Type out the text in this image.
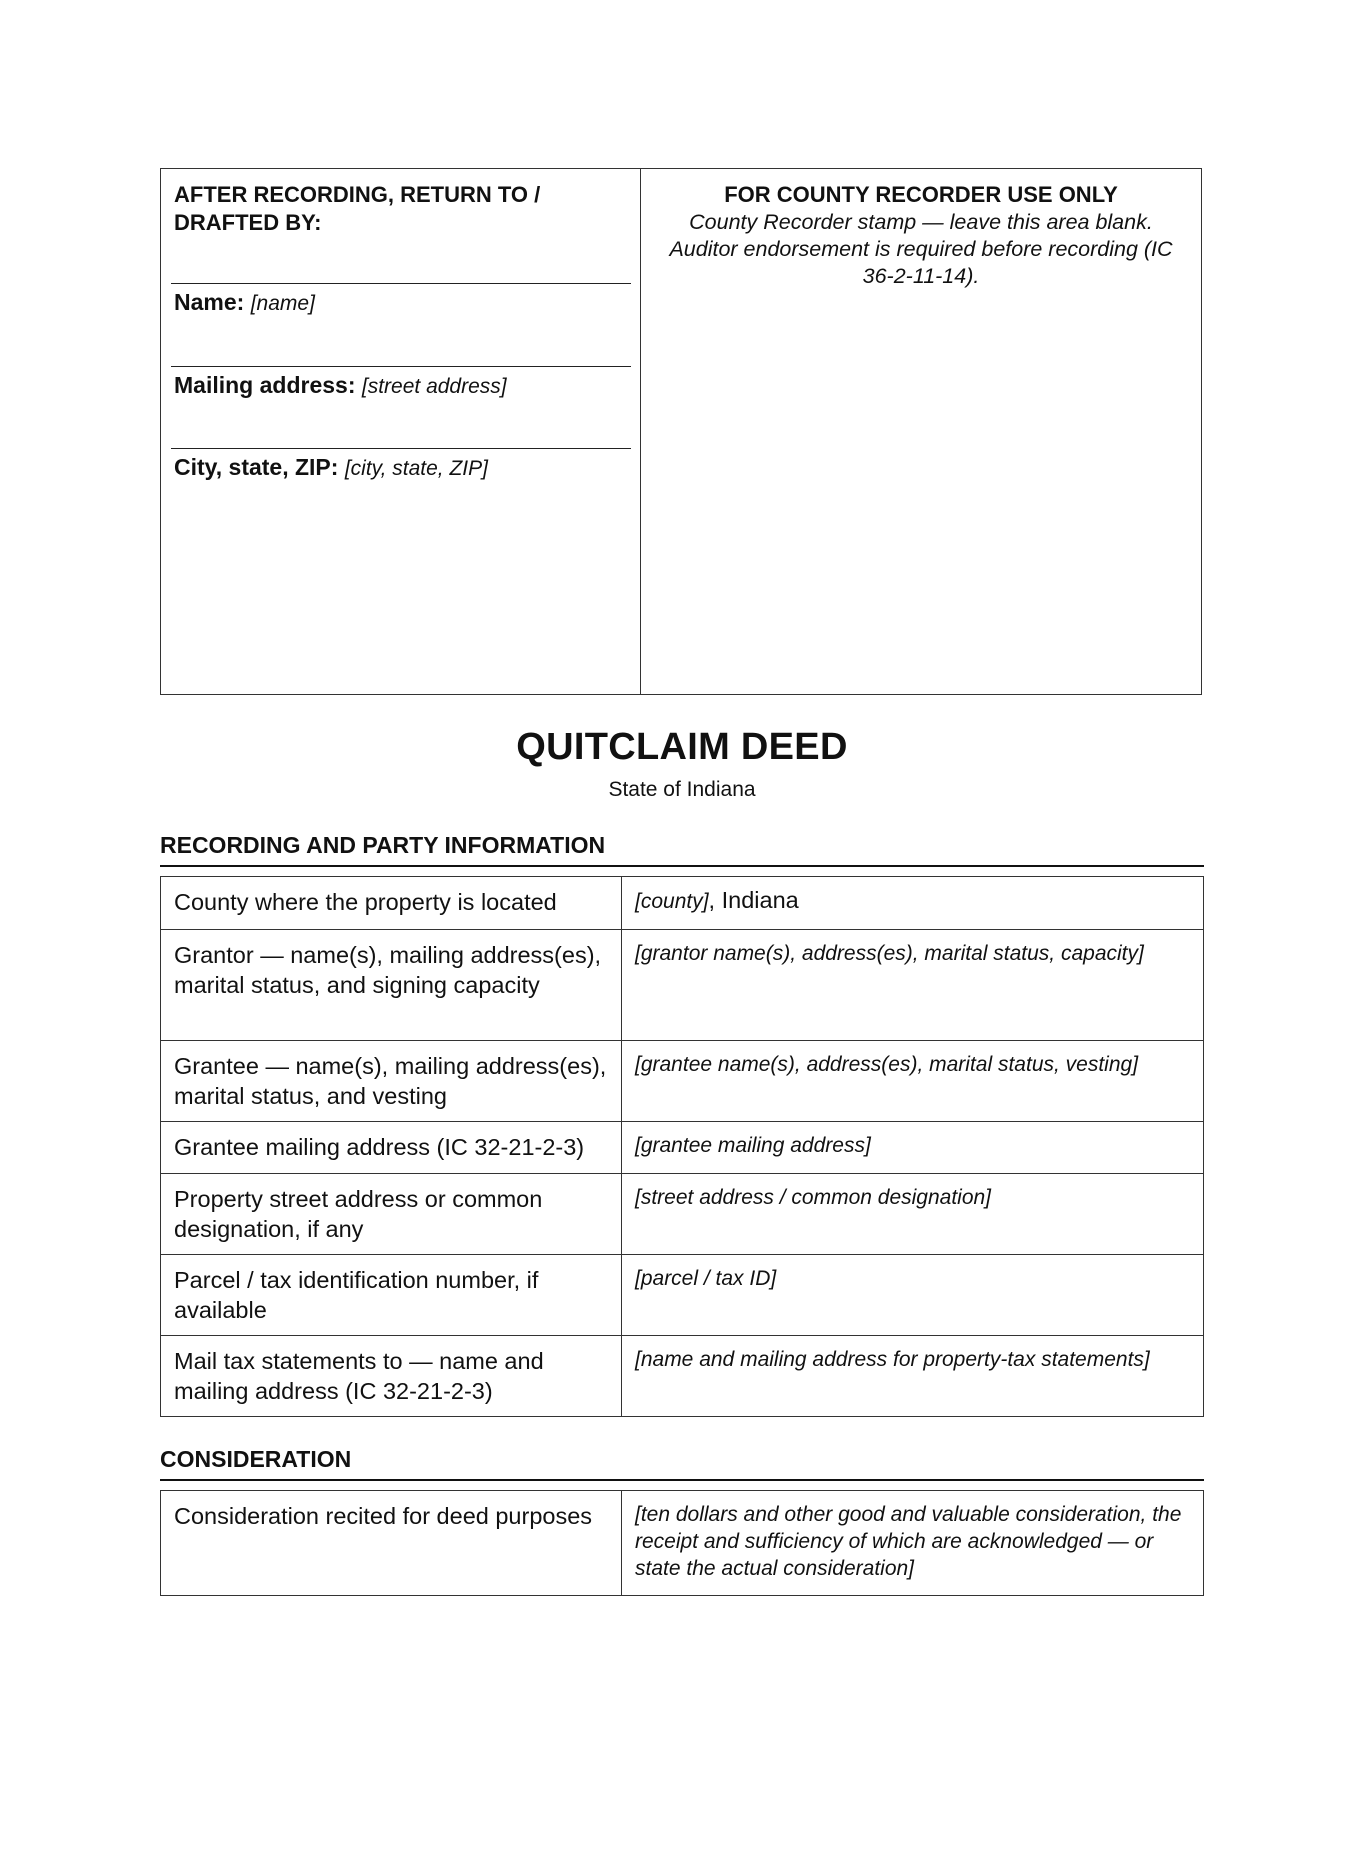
AFTER RECORDING, RETURN TO / DRAFTED BY:
Name: [name]
Mailing address: [street address]
City, state, ZIP: [city, state, ZIP]
FOR COUNTY RECORDER USE ONLY
County Recorder stamp — leave this area blank. Auditor endorsement is required before recording (IC 36-2-11-14).
QUITCLAIM DEED
State of Indiana
RECORDING AND PARTY INFORMATION
County where the property is located	[county], Indiana
Grantor — name(s), mailing address(es), marital status, and signing capacity	[grantor name(s), address(es), marital status, capacity]
Grantee — name(s), mailing address(es), marital status, and vesting	[grantee name(s), address(es), marital status, vesting]
Grantee mailing address (IC 32-21-2-3)	[grantee mailing address]
Property street address or common designation, if any	[street address / common designation]
Parcel / tax identification number, if available	[parcel / tax ID]
Mail tax statements to — name and mailing address (IC 32-21-2-3)	[name and mailing address for property-tax statements]
CONSIDERATION
Consideration recited for deed purposes	[ten dollars and other good and valuable consideration, the receipt and sufficiency of which are acknowledged — or state the actual consideration]
